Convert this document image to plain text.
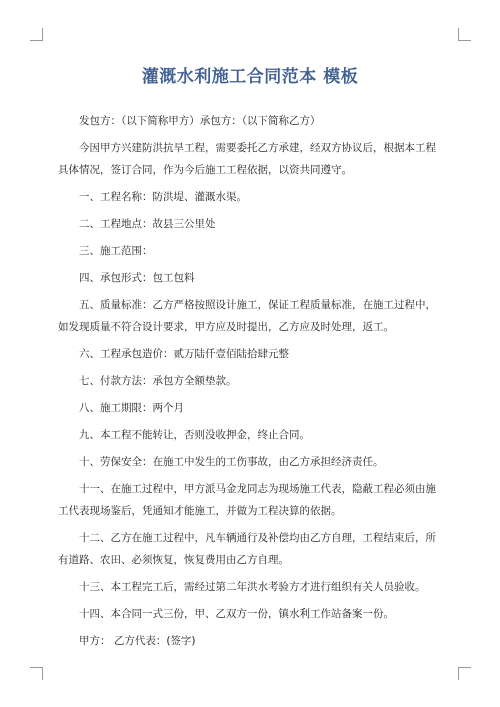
灌溉水利施工合同范本 模板

发包方：（以下简称甲方）承包方：（以下简称乙方）

今因甲方兴建防洪抗旱工程，需要委托乙方承建，经双方协议后，根据本工程具体情况，签订合同，作为今后施工工程依据，以资共同遵守。

一、工程名称：防洪堤、灌溉水渠。

二、工程地点：故县三公里处

三、施工范围：

四、承包形式：包工包料

五、质量标准：乙方严格按照设计施工，保证工程质量标准，在施工过程中，如发现质量不符合设计要求，甲方应及时提出，乙方应及时处理，返工。

六、工程承包造价：贰万陆仟壹佰陆拾肆元整

七、付款方法：承包方全额垫款。

八、施工期限：两个月

九、本工程不能转让，否则没收押金，终止合同。

十、劳保安全：在施工中发生的工伤事故，由乙方承担经济责任。

十一、在施工过程中，甲方派马金龙同志为现场施工代表，隐蔽工程必须由施工代表现场鉴后，凭通知才能施工，并做为工程决算的依据。

十二、乙方在施工过程中，凡车辆通行及补偿均由乙方自理，工程结束后，所有道路、农田、必须恢复，恢复费用由乙方自理。

十三、本工程完工后，需经过第二年洪水考验方才进行组织有关人员验收。

十四、本合同一式三份，甲、乙双方一份，镇水利工作站备案一份。

甲方： 乙方代表：(签字)
